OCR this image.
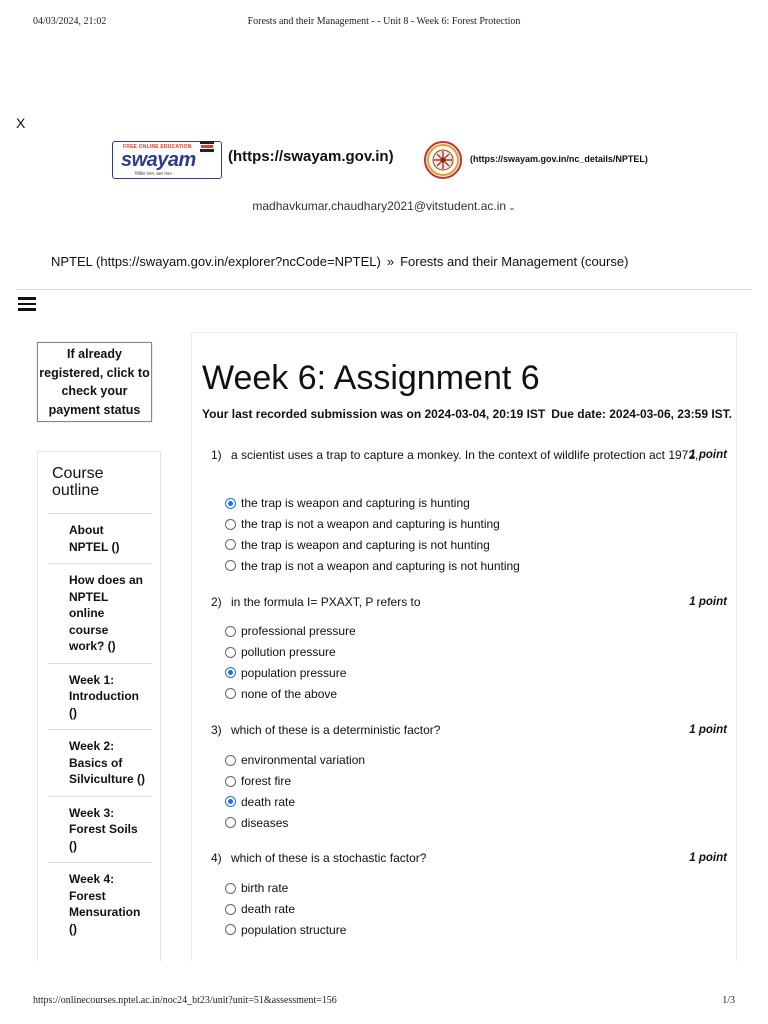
04/03/2024, 21:02	Forests and their Management - - Unit 8 - Week 6: Forest Protection
X
FREE ONLINE EDUCATION
swayam
शिक्षित भारत, उन्नत भारत
(https://swayam.gov.in)	(https://swayam.gov.in/nc_details/NPTEL)
madhavkumar.chaudhary2021@vitstudent.ac.in ⌄
NPTEL (https://swayam.gov.in/explorer?ncCode=NPTEL) » Forests and their Management (course)
If already registered, click to check your payment status
Course outline
About NPTEL ()
How does an NPTEL online course work? ()
Week 1: Introduction ()
Week 2: Basics of Silviculture ()
Week 3: Forest Soils ()
Week 4: Forest Mensuration ()
Week 6: Assignment 6
Your last recorded submission was on 2024-03-04, 20:19 IST Due date: 2024-03-06, 23:59 IST.
1) a scientist uses a trap to capture a monkey. In the context of wildlife protection act 1972,
1 point
the trap is weapon and capturing is hunting
the trap is not a weapon and capturing is hunting
the trap is weapon and capturing is not hunting
the trap is not a weapon and capturing is not hunting
2) in the formula I= PXAXT, P refers to	1 point
professional pressure
pollution pressure
population pressure
none of the above
3) which of these is a deterministic factor?	1 point
environmental variation
forest fire
death rate
diseases
4) which of these is a stochastic factor?	1 point
birth rate
death rate
population structure
https://onlinecourses.nptel.ac.in/noc24_bt23/unit?unit=51&assessment=156	1/3
